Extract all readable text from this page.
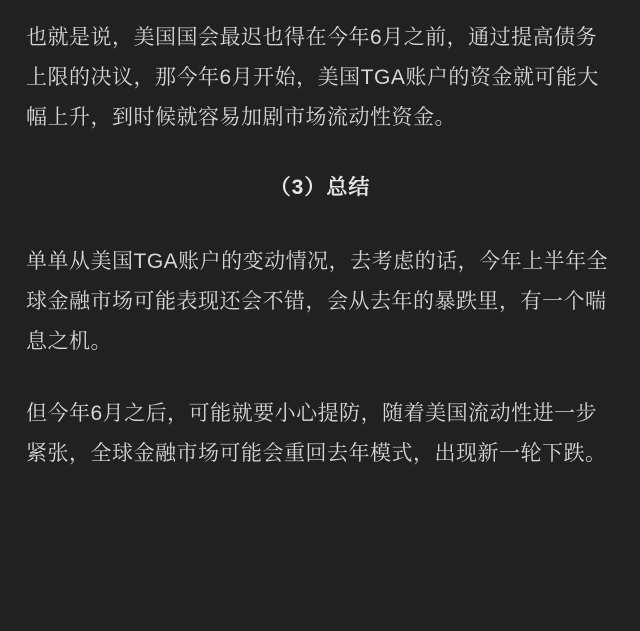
也就是说，美国国会最迟也得在今年6月之前，通过提高债务上限的决议，那今年6月开始，美国TGA账户的资金就可能大幅上升，到时候就容易加剧市场流动性资金。

（3）总结

单单从美国TGA账户的变动情况，去考虑的话，今年上半年全球金融市场可能表现还会不错，会从去年的暴跌里，有一个喘息之机。

但今年6月之后，可能就要小心提防，随着美国流动性进一步紧张，全球金融市场可能会重回去年模式，出现新一轮下跌。
